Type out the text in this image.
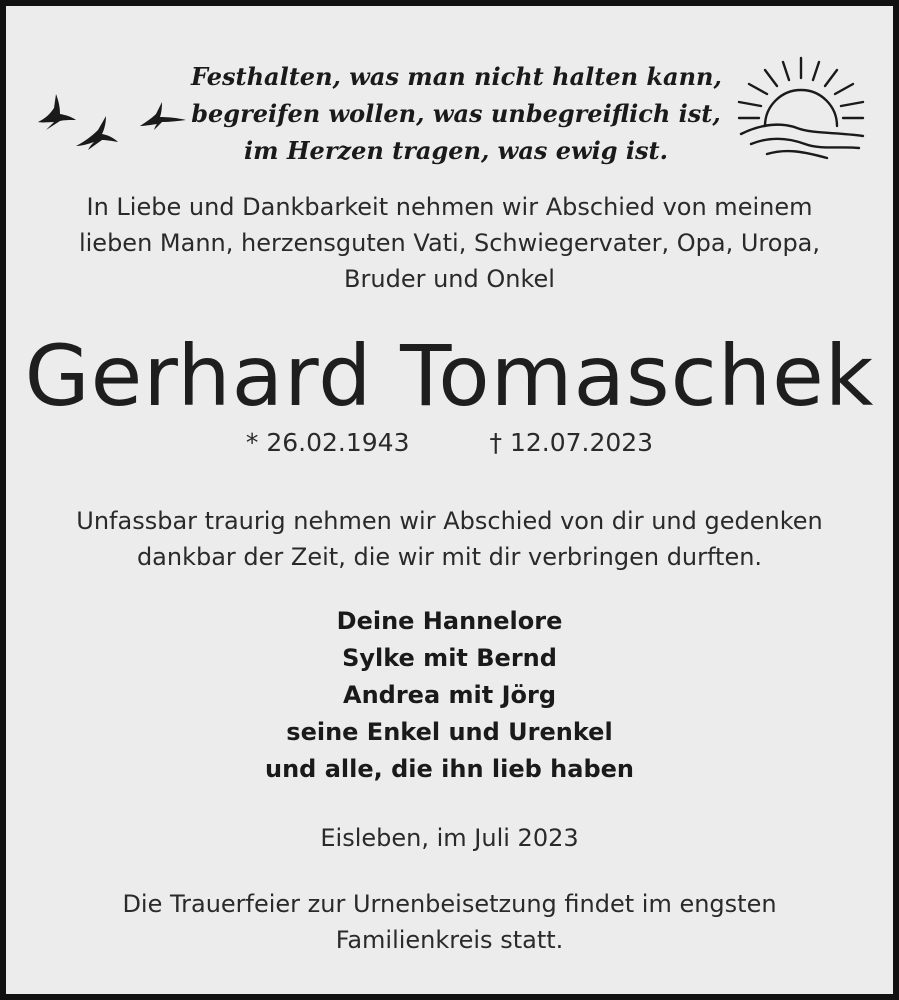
Festhalten, was man nicht halten kann,
begreifen wollen, was unbegreiflich ist,
im Herzen tragen, was ewig ist.
In Liebe und Dankbarkeit nehmen wir Abschied von meinem
lieben Mann, herzensguten Vati, Schwiegervater, Opa, Uropa,
Bruder und Onkel
Gerhard Tomaschek
* 26.02.1943	† 12.07.2023
Unfassbar traurig nehmen wir Abschied von dir und gedenken
dankbar der Zeit, die wir mit dir verbringen durften.
Deine Hannelore
Sylke mit Bernd
Andrea mit Jörg
seine Enkel und Urenkel
und alle, die ihn lieb haben
Eisleben, im Juli 2023
Die Trauerfeier zur Urnenbeisetzung findet im engsten
Familienkreis statt.
